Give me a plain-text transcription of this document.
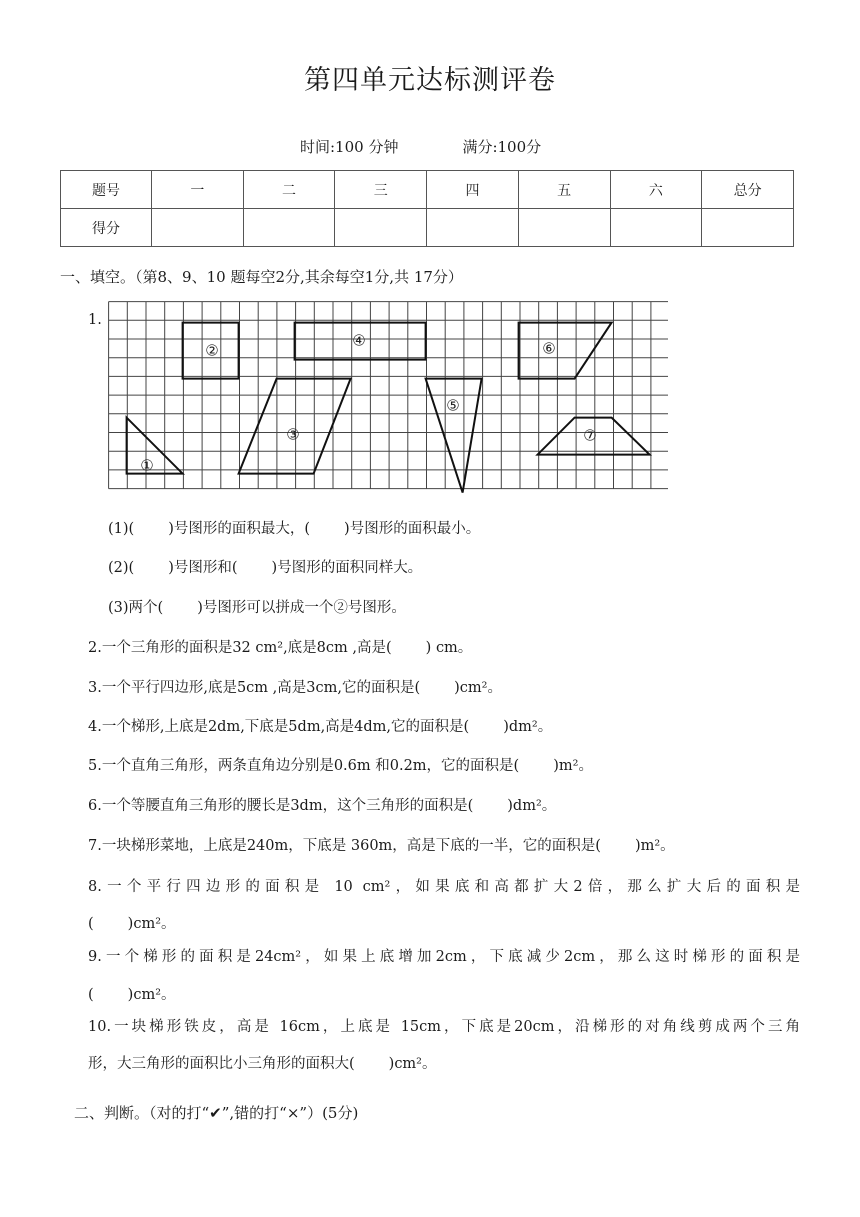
第四单元达标测评卷
时间:100 分钟	满分:100分
题号	一	二	三	四	五	六	总分
得分							
一、填空。（第8、9、10 题每空2分,其余每空1分,共 17分）
1.
①
②
③
④
⑤
⑥
⑦
(1)( )号图形的面积最大，( )号图形的面积最小。
(2)( )号图形和( )号图形的面积同样大。
(3)两个( )号图形可以拼成一个②号图形。
2.一个三角形的面积是32 cm²,底是8cm ,高是( ) cm。
3.一个平行四边形,底是5cm ,高是3cm,它的面积是( )cm²。
4.一个梯形,上底是2dm,下底是5dm,高是4dm,它的面积是( )dm²。
5.一个直角三角形，两条直角边分别是0.6m 和0.2m，它的面积是( )m²。
6.一个等腰直角三角形的腰长是3dm，这个三角形的面积是( )dm²。
7.一块梯形菜地，上底是240m，下底是 360m，高是下底的一半，它的面积是( )m²。
8.一个平行四边形的面积是 10 cm²，如果底和高都扩大2倍，那么扩大后的面积是
( )cm²。
9.一个梯形的面积是24cm²，如果上底增加2cm，下底减少2cm，那么这时梯形的面积是
( )cm²。
10.一块梯形铁皮，高是 16cm，上底是 15cm，下底是20cm，沿梯形的对角线剪成两个三角
形，大三角形的面积比小三角形的面积大( )cm²。
二、判断。（对的打“✔”,错的打“×”）(5分)
